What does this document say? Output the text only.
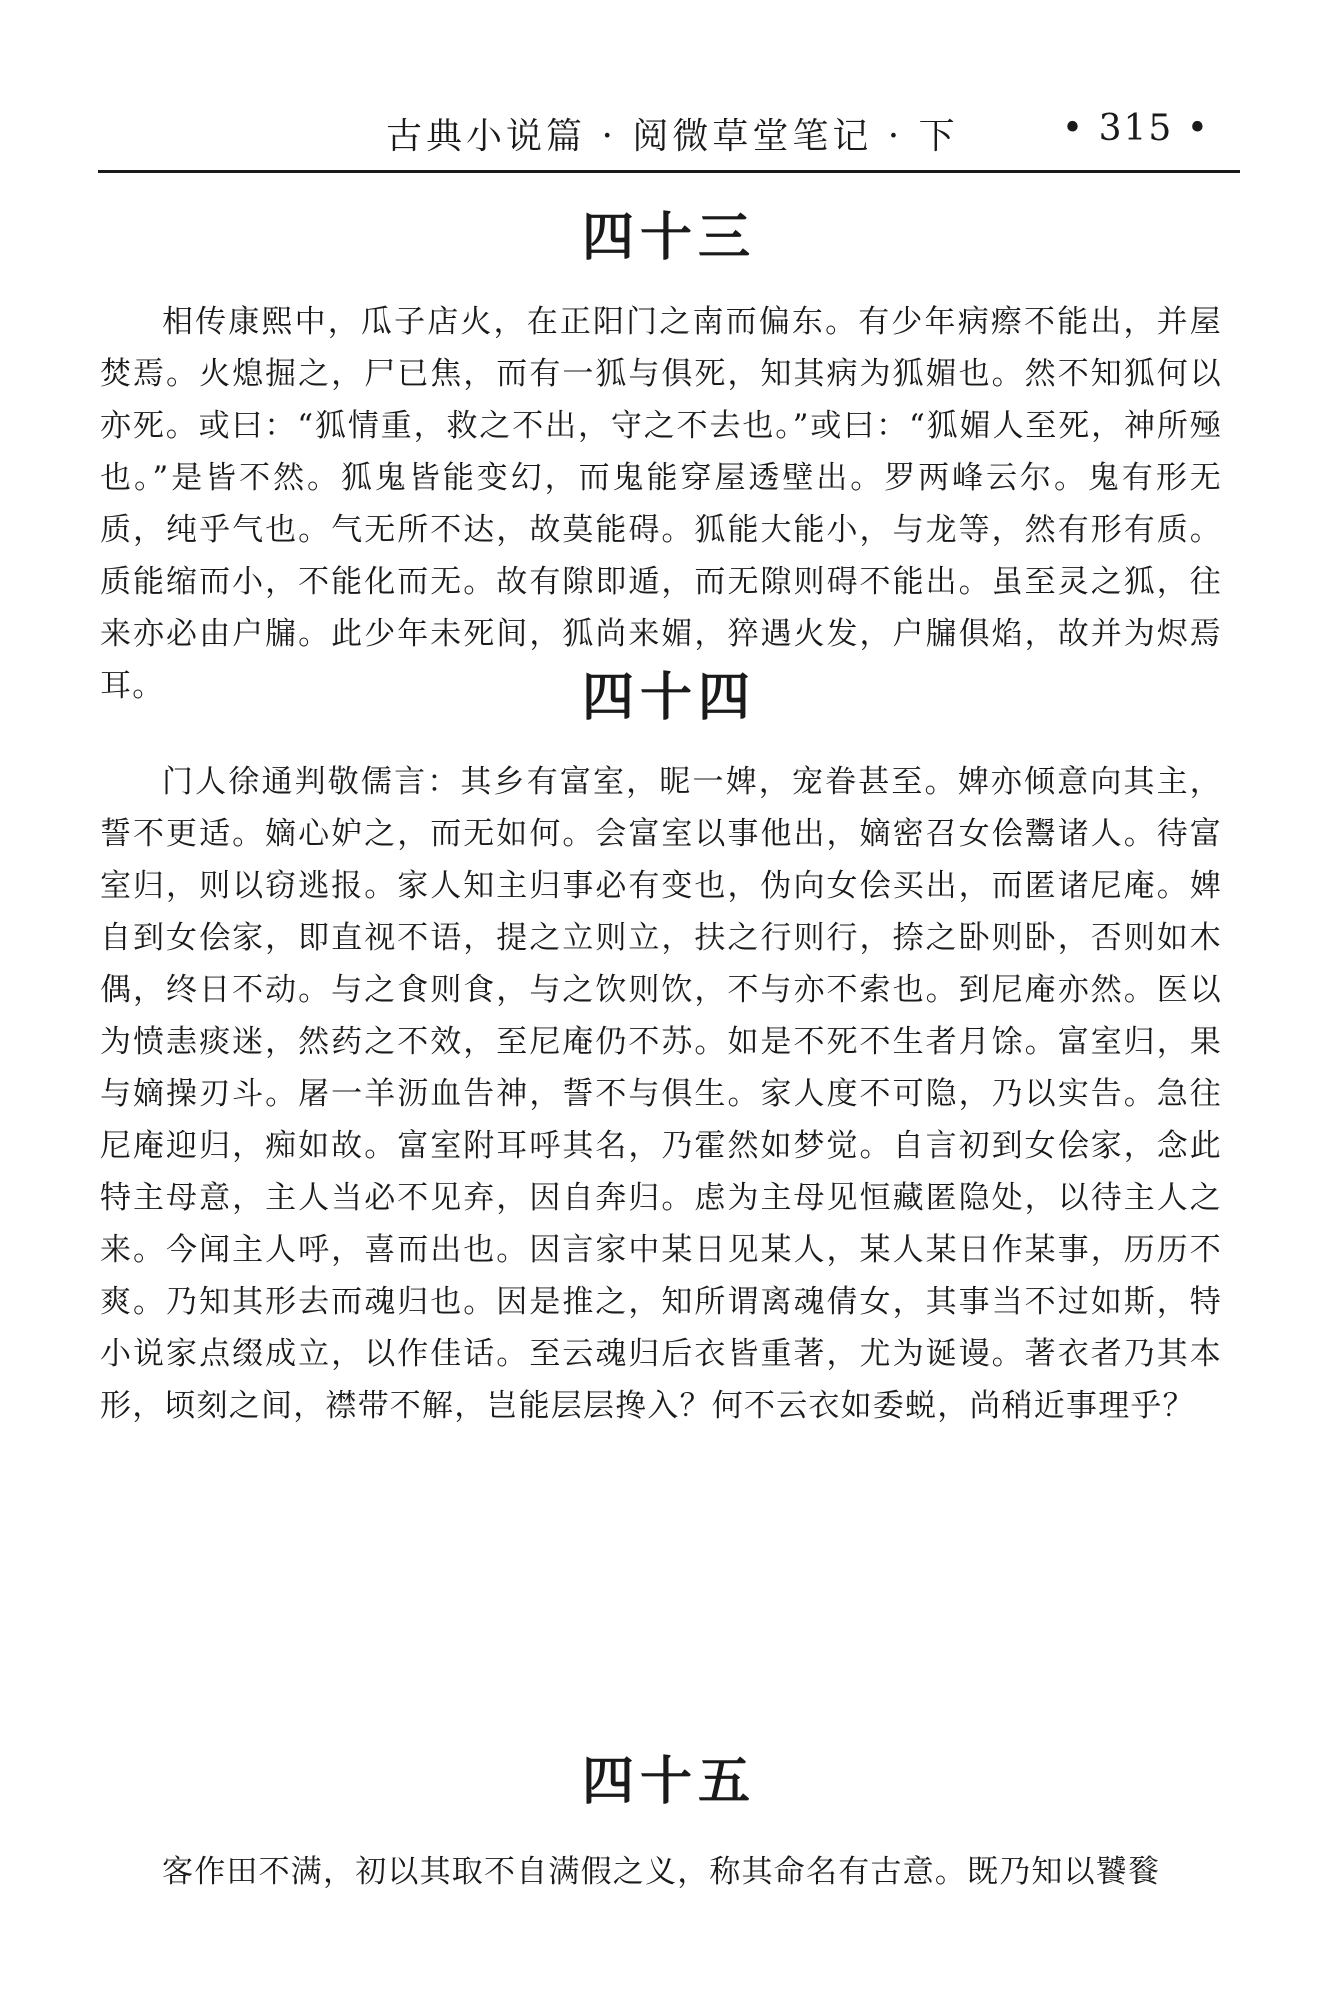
古典小说篇 · 阅微草堂笔记 · 下	• 315 •
四十三

相传康熙中，瓜子店火，在正阳门之南而偏东。有少年病瘵不能出，并屋焚焉。火熄掘之，尸已焦，而有一狐与俱死，知其病为狐媚也。然不知狐何以亦死。或曰：“狐情重，救之不出，守之不去也。”或曰：“狐媚人至死，神所殛也。”是皆不然。狐鬼皆能变幻，而鬼能穿屋透壁出。罗两峰云尔。鬼有形无质，纯乎气也。气无所不达，故莫能碍。狐能大能小，与龙等，然有形有质。质能缩而小，不能化而无。故有隙即遁，而无隙则碍不能出。虽至灵之狐，往来亦必由户牖。此少年未死间，狐尚来媚，猝遇火发，户牖俱焰，故并为烬焉耳。	四十四

门人徐通判敬儒言：其乡有富室，昵一婢，宠眷甚至。婢亦倾意向其主，誓不更适。嫡心妒之，而无如何。会富室以事他出，嫡密召女侩鬻诸人。待富室归，则以窃逃报。家人知主归事必有变也，伪向女侩买出，而匿诸尼庵。婢自到女侩家，即直视不语，提之立则立，扶之行则行，捺之卧则卧，否则如木偶，终日不动。与之食则食，与之饮则饮，不与亦不索也。到尼庵亦然。医以为愤恚痰迷，然药之不效，至尼庵仍不苏。如是不死不生者月馀。富室归，果与嫡操刃斗。屠一羊沥血告神，誓不与俱生。家人度不可隐，乃以实告。急往尼庵迎归，痴如故。富室附耳呼其名，乃霍然如梦觉。自言初到女侩家，念此特主母意，主人当必不见弃，因自奔归。虑为主母见恒藏匿隐处，以待主人之来。今闻主人呼，喜而出也。因言家中某日见某人，某人某日作某事，历历不爽。乃知其形去而魂归也。因是推之，知所谓离魂倩女，其事当不过如斯，特小说家点缀成立，以作佳话。至云魂归后衣皆重著，尤为诞谩。著衣者乃其本形，顷刻之间，襟带不解，岂能层层搀入？何不云衣如委蜕，尚稍近事理乎？

四十五

客作田不满，初以其取不自满假之义，称其命名有古意。既乃知以饕餮
